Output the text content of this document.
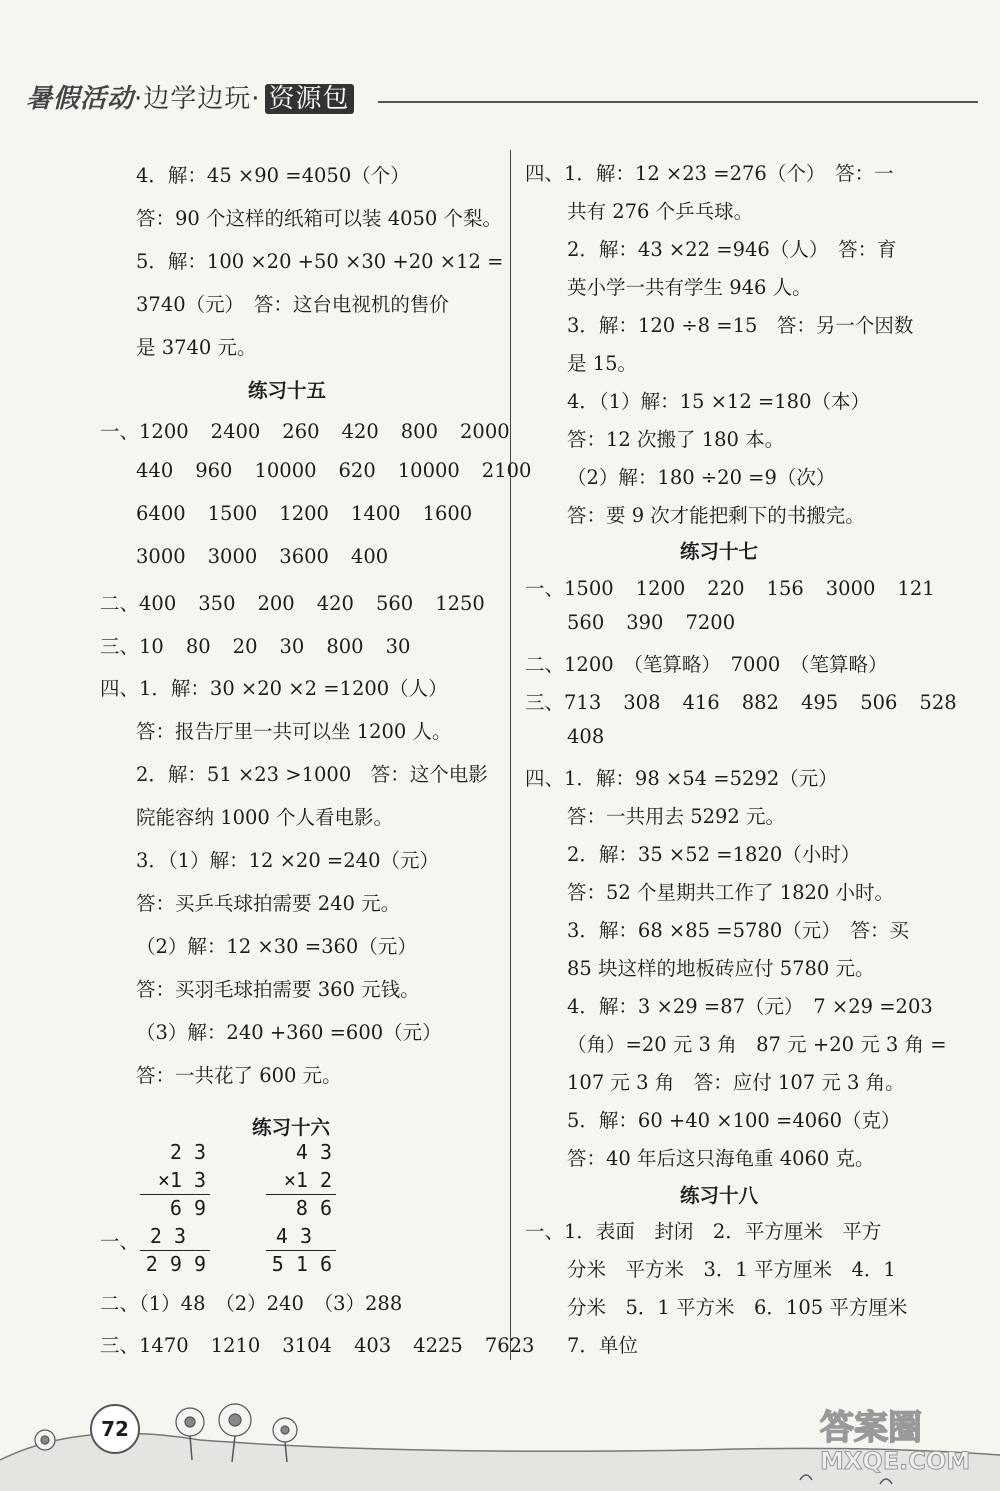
暑假活动·边学边玩· 资源包
4．解：45 ×90 =4050（个）
答：90 个这样的纸箱可以装 4050 个梨。
5．解：100 ×20 +50 ×30 +20 ×12 =
3740（元）　答：这台电视机的售价
是 3740 元。
练习十五
一、1200 2400 260 420 800 2000
440 960 10000 620 10000 2100
6400 1500 1200 1400 1600
3000 3000 3600 400
二、400 350 200 420 560 1250
三、10 80 20 30 800 30
四、1．解：30 ×20 ×2 =1200（人）
答：报告厅里一共可以坐 1200 人。
2．解：51 ×23 >1000　答：这个电影
院能容纳 1000 个人看电影。
3．（1）解：12 ×20 =240（元）
答：买乒乓球拍需要 240 元。
（2）解：12 ×30 =360（元）
答：买羽毛球拍需要 360 元钱。
（3）解：240 +360 =600（元）
答：一共花了 600 元。
练习十六
一、
2 3
×1 3
6 9
2 3
2 9 9
4 3
×1 2
8 6
4 3
5 1 6
二、（1）48　（2）240　（3）288
三、1470 1210 3104 403 4225 7623
四、1．解：12 ×23 =276（个）　答：一
共有 276 个乒乓球。
2．解：43 ×22 =946（人）　答：育
英小学一共有学生 946 人。
3．解：120 ÷8 =15　答：另一个因数
是 15。
4．（1）解：15 ×12 =180（本）
答：12 次搬了 180 本。
（2）解：180 ÷20 =9（次）
答：要 9 次才能把剩下的书搬完。
练习十七
一、1500 1200 220 156 3000 121
560 390 7200
二、1200　（笔算略）　7000　（笔算略）
三、713 308 416 882 495 506 528
408
四、1．解：98 ×54 =5292（元）
答：一共用去 5292 元。
2．解：35 ×52 =1820（小时）
答：52 个星期共工作了 1820 小时。
3．解：68 ×85 =5780（元）　答：买
85 块这样的地板砖应付 5780 元。
4．解：3 ×29 =87（元）　7 ×29 =203
（角）=20 元 3 角　87 元 +20 元 3 角 =
107 元 3 角　答：应付 107 元 3 角。
5．解：60 +40 ×100 =4060（克）
答：40 年后这只海龟重 4060 克。
练习十八
一、1．表面　封闭　2．平方厘米　平方
分米　平方米　3．1 平方厘米　4．1
分米　5．1 平方米　6．105 平方厘米
7．单位
72	答案圈
MXQE.COM
